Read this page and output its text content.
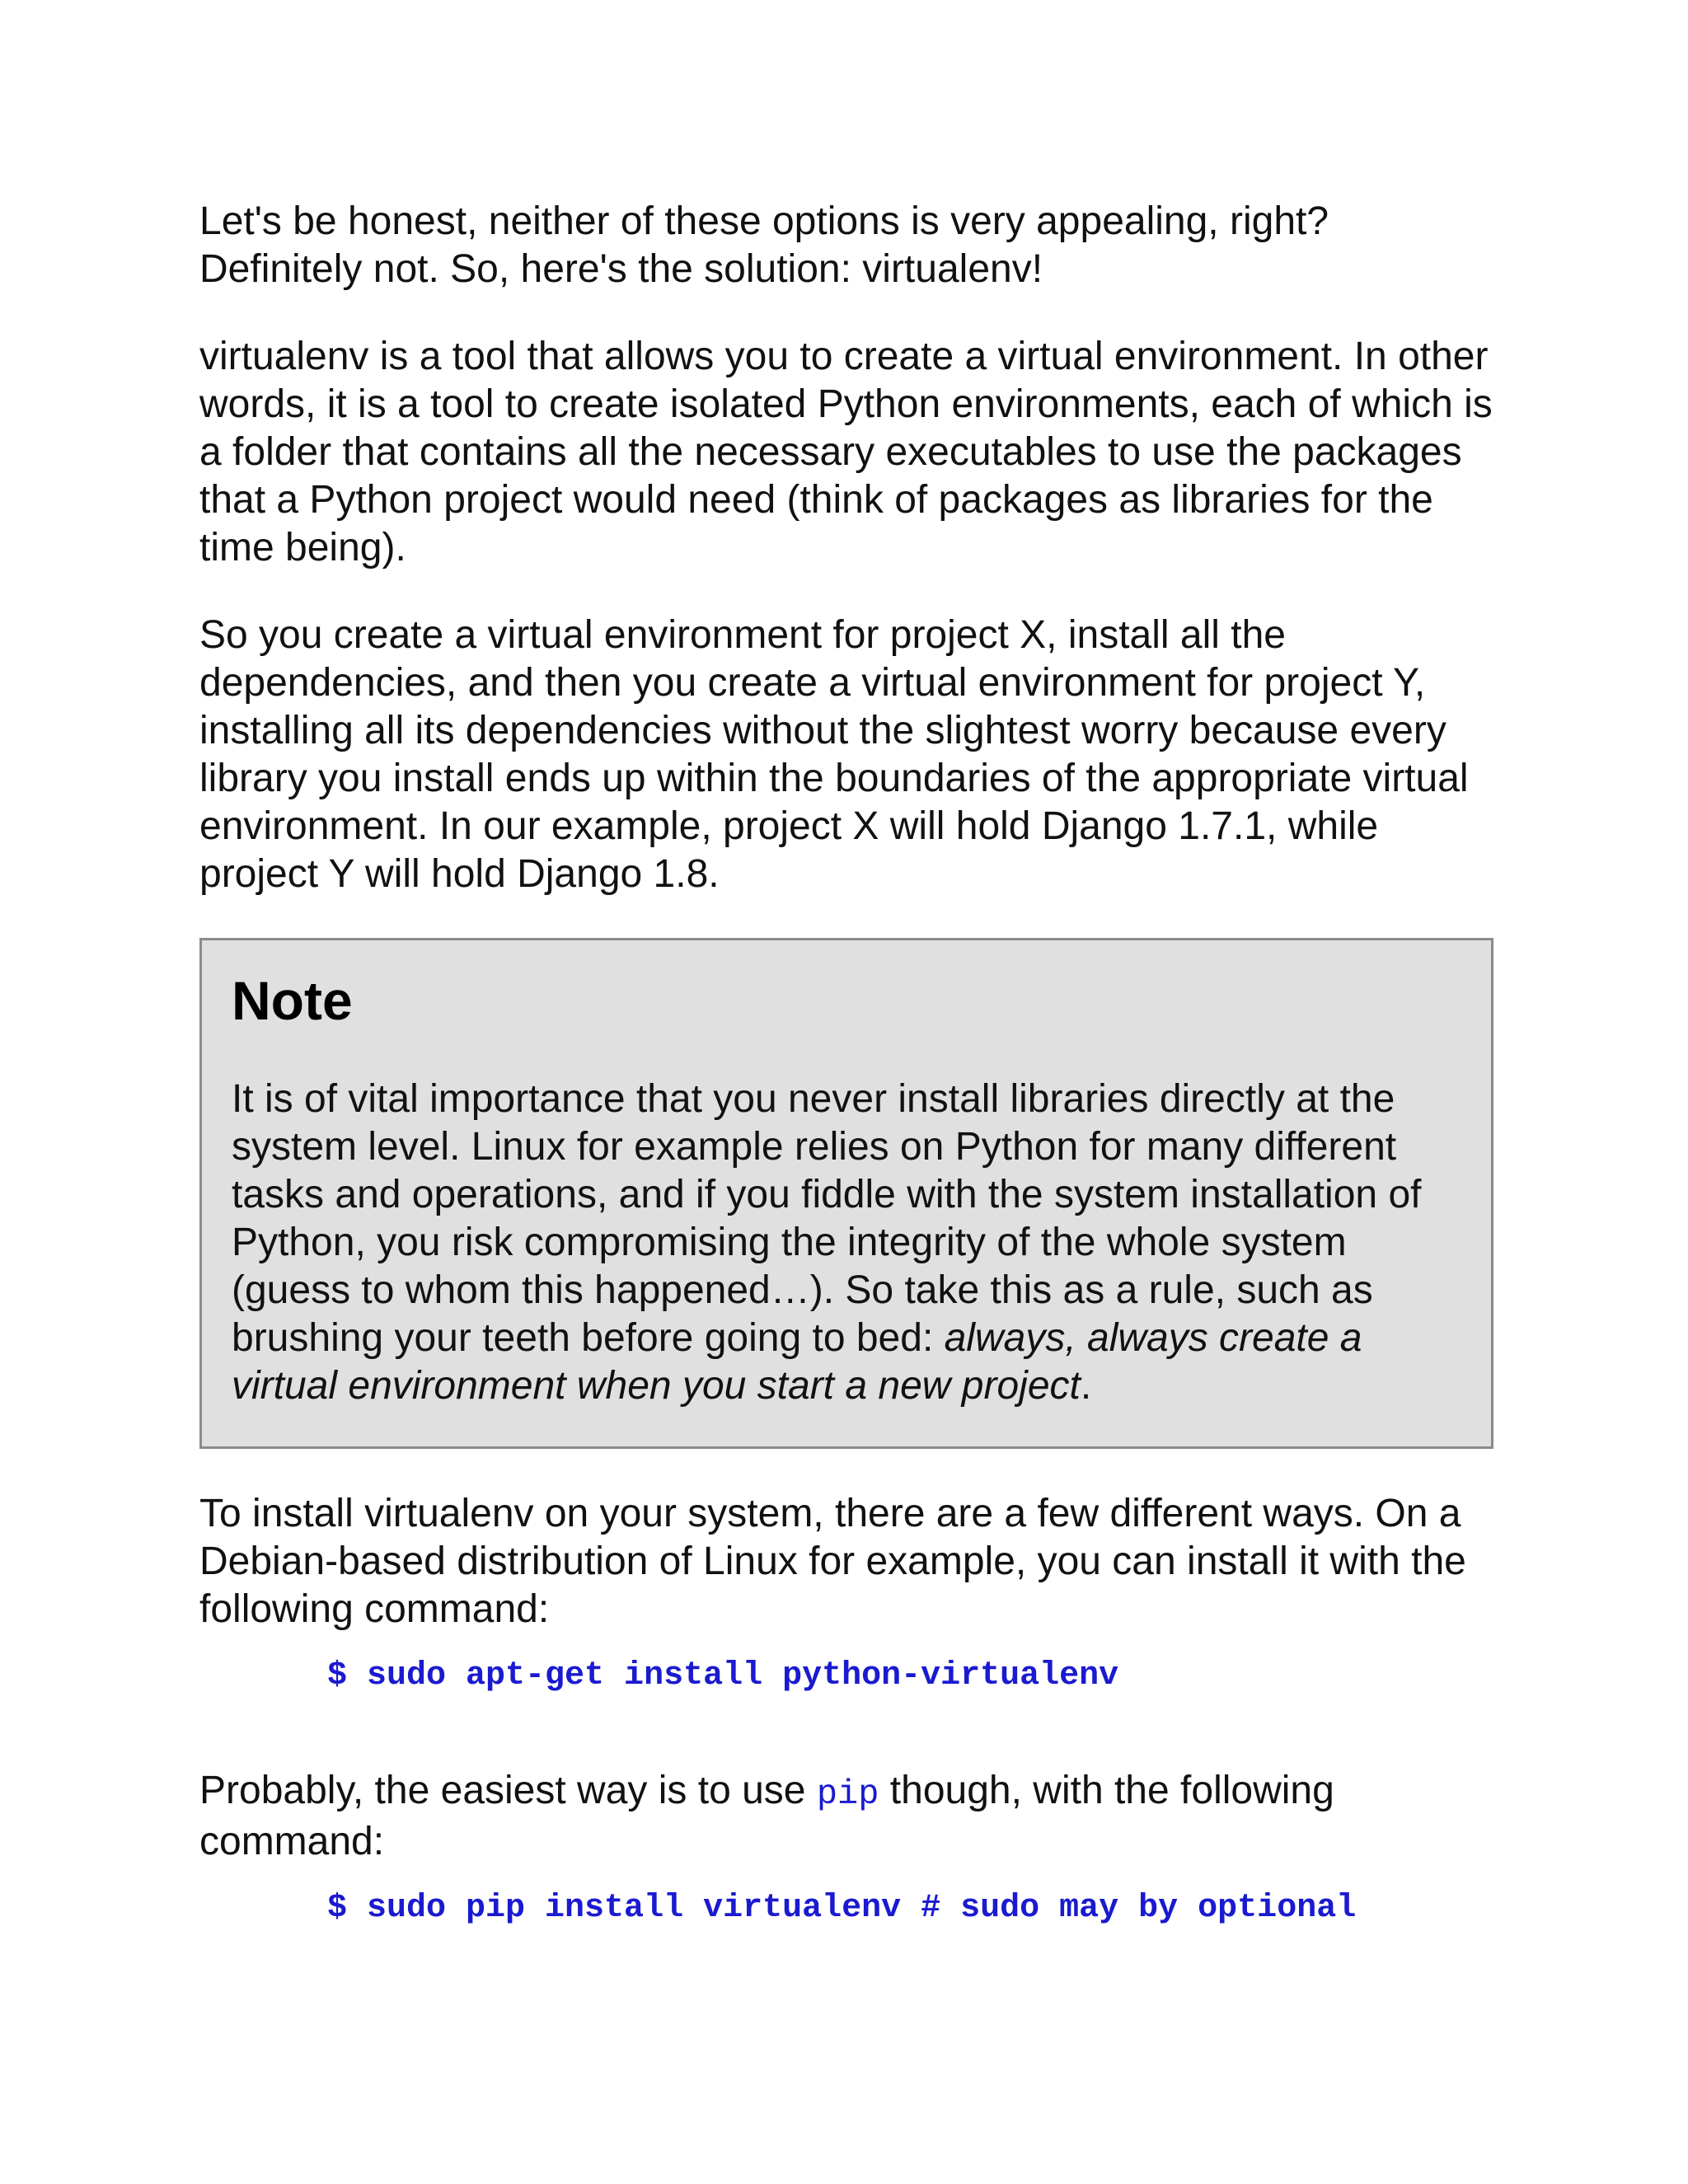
Let's be honest, neither of these options is very appealing, right? Definitely not. So, here's the solution: virtualenv!

virtualenv is a tool that allows you to create a virtual environment. In other words, it is a tool to create isolated Python environments, each of which is a folder that contains all the necessary executables to use the packages that a Python project would need (think of packages as libraries for the time being).

So you create a virtual environment for project X, install all the dependencies, and then you create a virtual environment for project Y, installing all its dependencies without the slightest worry because every library you install ends up within the boundaries of the appropriate virtual environment. In our example, project X will hold Django 1.7.1, while project Y will hold Django 1.8.

Note

It is of vital importance that you never install libraries directly at the system level. Linux for example relies on Python for many different tasks and operations, and if you fiddle with the system installation of Python, you risk compromising the integrity of the whole system (guess to whom this happened…). So take this as a rule, such as brushing your teeth before going to bed: always, always create a virtual environment when you start a new project.

To install virtualenv on your system, there are a few different ways. On a Debian-based distribution of Linux for example, you can install it with the following command:

$ sudo apt-get install python-virtualenv

Probably, the easiest way is to use pip though, with the following command:

$ sudo pip install virtualenv # sudo may by optional
